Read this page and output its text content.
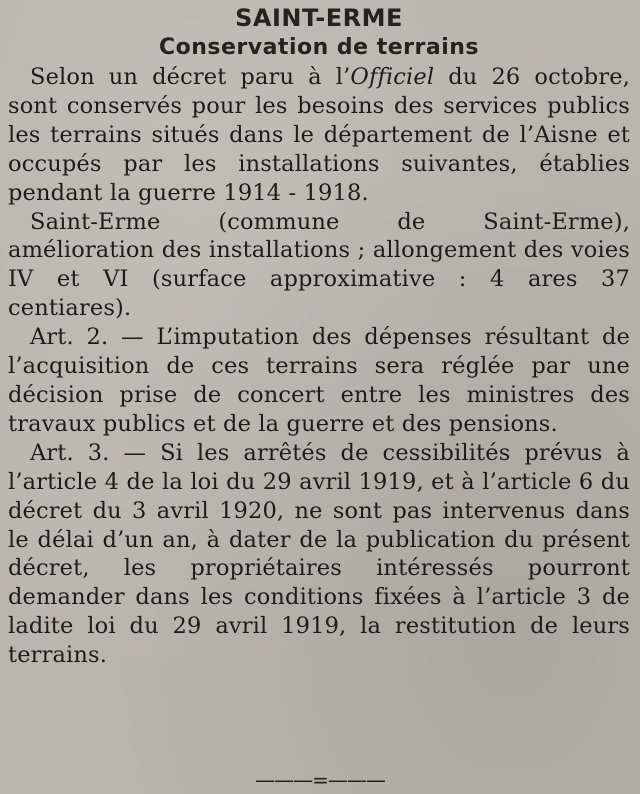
SAINT-ERME
Conservation de terrains

Selon un décret paru à l’Officiel du 26 octobre, sont conservés pour les besoins des services publics les terrains situés dans le département de l’Aisne et occupés par les installations suivantes, établies pendant la guerre 1914 - 1918.

Saint-Erme (commune de Saint-Erme), amélioration des installations ; allongement des voies IV et VI (surface approximative : 4 ares 37 centiares).

Art. 2. — L’imputation des dépenses résultant de l’acquisition de ces terrains sera réglée par une décision prise de concert entre les ministres des travaux publics et de la guerre et des pensions.

Art. 3. — Si les arrêtés de cessibilités prévus à l’article 4 de la loi du 29 avril 1919, et à l’article 6 du décret du 3 avril 1920, ne sont pas intervenus dans le délai d’un an, à dater de la publication du présent décret, les propriétaires intéressés pourront demander dans les conditions fixées à l’article 3 de ladite loi du 29 avril 1919, la restitution de leurs terrains.

———=———
